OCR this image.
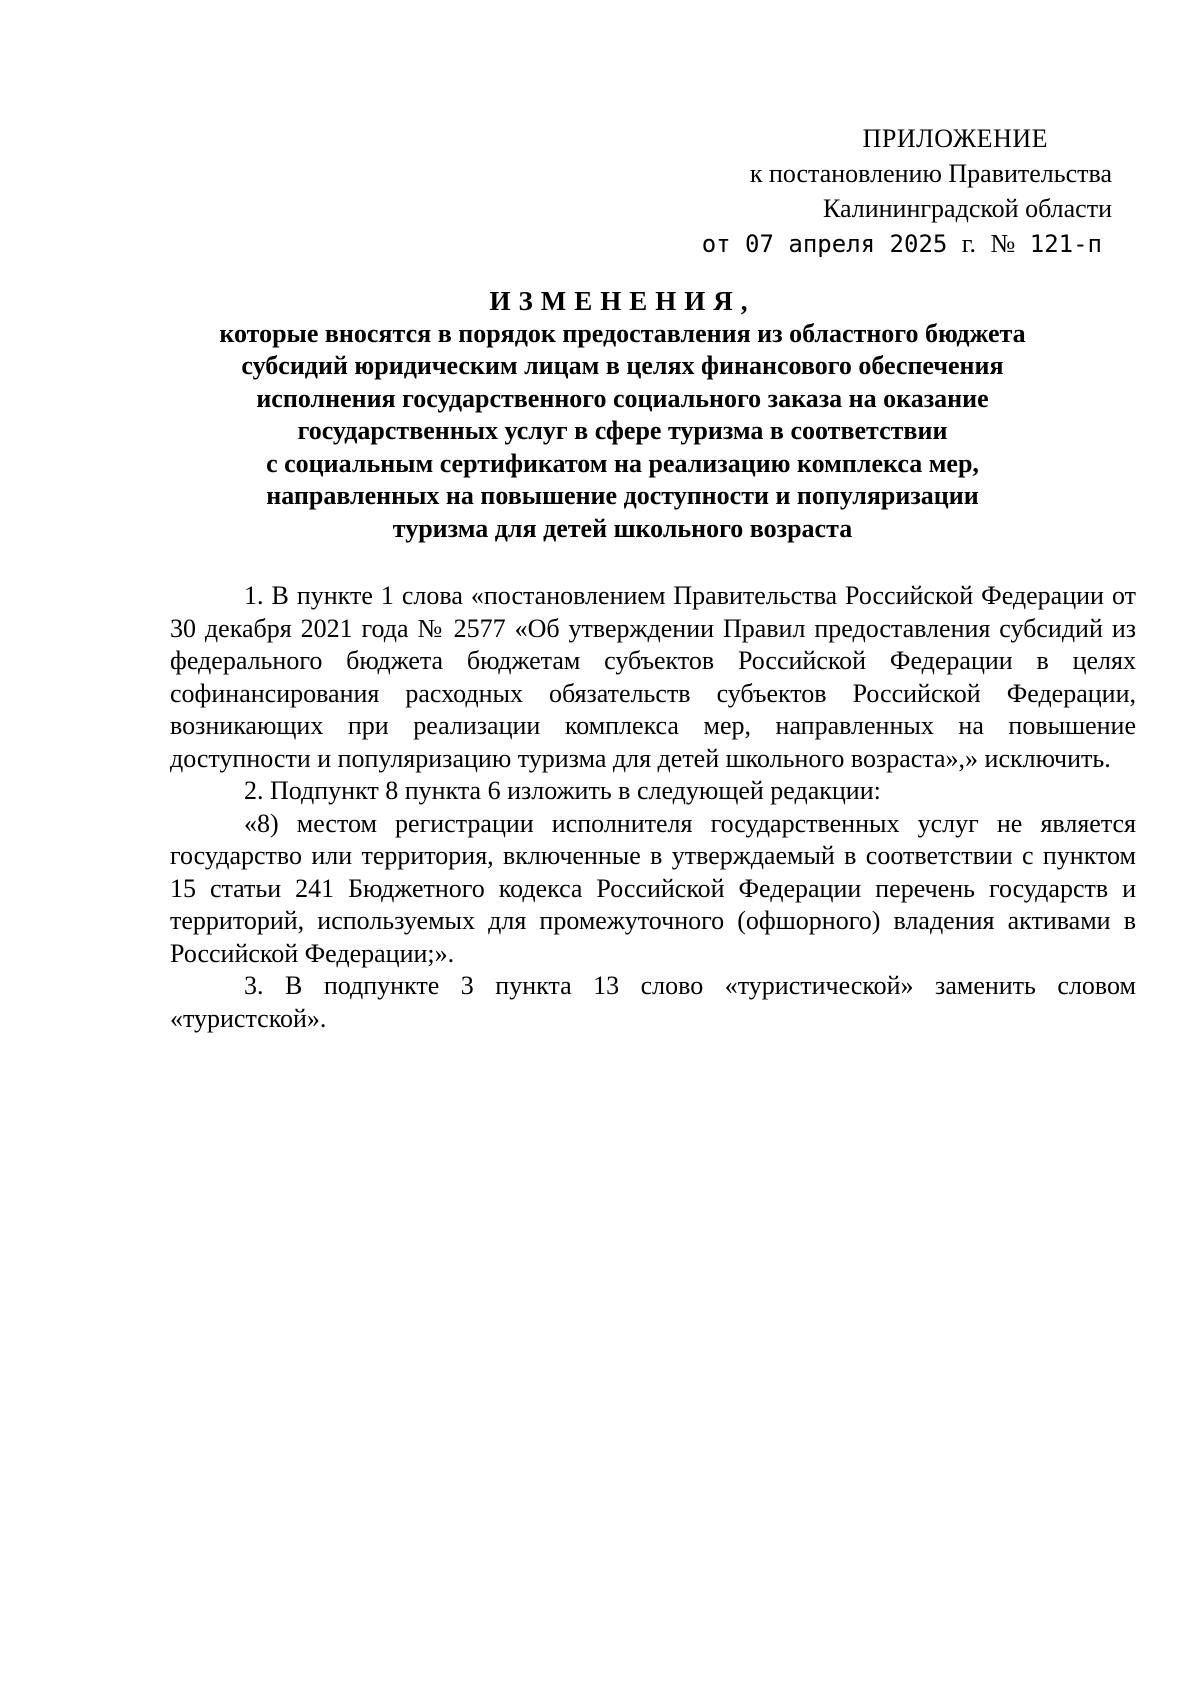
ПРИЛОЖЕНИЕ
к постановлению Правительства
Калининградской области
от 07 апреля 2025 г. № 121-п
ИЗМЕНЕНИЯ,
которые вносятся в порядок предоставления из областного бюджета
субсидий юридическим лицам в целях финансового обеспечения
исполнения государственного социального заказа на оказание
государственных услуг в сфере туризма в соответствии
с социальным сертификатом на реализацию комплекса мер,
направленных на повышение доступности и популяризации
туризма для детей школьного возраста

1. В пункте 1 слова «постановлением Правительства Российской Федерации от 30 декабря 2021 года № 2577 «Об утверждении Правил предоставления субсидий из федерального бюджета бюджетам субъектов Российской Федерации в целях софинансирования расходных обязательств субъектов Российской Федерации, возникающих при реализации комплекса мер, направленных на повышение доступности и популяризацию туризма для детей школьного возраста»,» исключить.

2. Подпункт 8 пункта 6 изложить в следующей редакции:

«8) местом регистрации исполнителя государственных услуг не является государство или территория, включенные в утверждаемый в соответствии с пунктом 15 статьи 241 Бюджетного кодекса Российской Федерации перечень государств и территорий, используемых для промежуточного (офшорного) владения активами в Российской Федерации;».

3. В подпункте 3 пункта 13 слово «туристической» заменить словом «туристской».
